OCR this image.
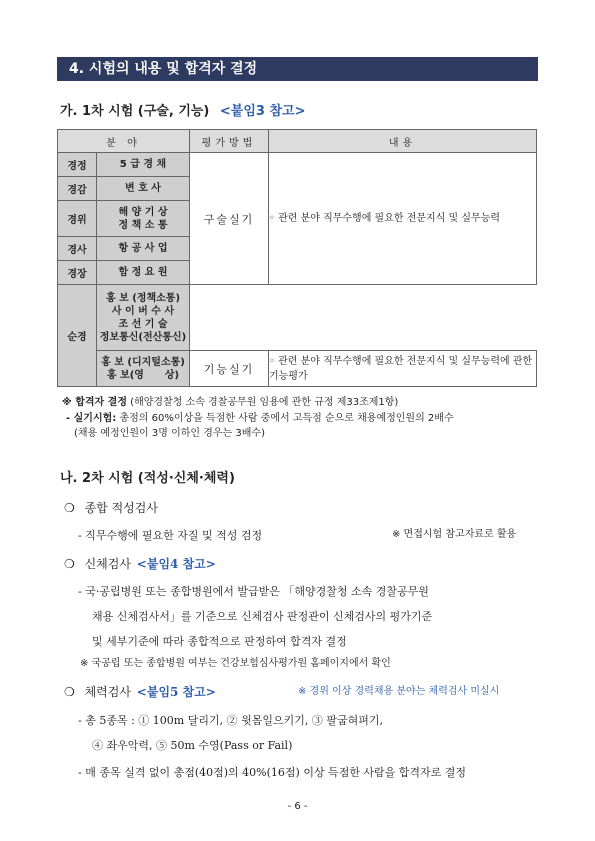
4. 시험의 내용 및 합격자 결정
가. 1차 시험 (구술, 기능) <붙임3 참고>
분 야		평가방법	내용
경정	5 급 경 채	구술실기	◦ 관련 분야 직무수행에 필요한 전문지식 및 실무능력
경감	변 호 사		
경위	해 양 기 상
정 책 소 통		

경사	항 공 사 업		
경장	함 정 요 원		
순경	홍 보 (정책소통)
사 이 버 수 사
조 선 기 술
정보통신(전산통신)		

	홍 보 (디지털소통)
홍 보(영      상)	기능실기	◦ 관련 분야 직무수행에 필요한 전문지식 및 실무능력에 관한 기능평가
※ 합격자 결정 (해양경찰청 소속 경찰공무원 임용에 관한 규정 제33조제1항)
- 실기시험: 총점의 60%이상을 득점한 사람 중에서 고득점 순으로 채용예정인원의 2배수
(채용 예정인원이 3명 이하인 경우는 3배수)
나. 2차 시험 (적성·신체·체력)
❍ 종합 적성검사
- 직무수행에 필요한 자질 및 적성 검정	※ 면접시험 참고자료로 활용
❍ 신체검사 <붙임4 참고>
- 국·공립병원 또는 종합병원에서 발급받은 「해양경찰청 소속 경찰공무원
채용 신체검사서」를 기준으로 신체검사 판정관이 신체검사의 평가기준
및 세부기준에 따라 종합적으로 판정하여 합격자 결정
※ 국공립 또는 종합병원 여부는 건강보험심사평가원 홈페이지에서 확인
❍ 체력검사 <붙임5 참고>	※ 경위 이상 경력채용 분야는 체력검사 미실시
- 총 5종목 : ① 100m 달리기, ② 윗몸일으키기, ③ 팔굽혀펴기,
④ 좌우악력, ⑤ 50m 수영(Pass or Fail)
- 매 종목 실격 없이 총점(40점)의 40%(16점) 이상 득점한 사람을 합격자로 결정
- 6 -
